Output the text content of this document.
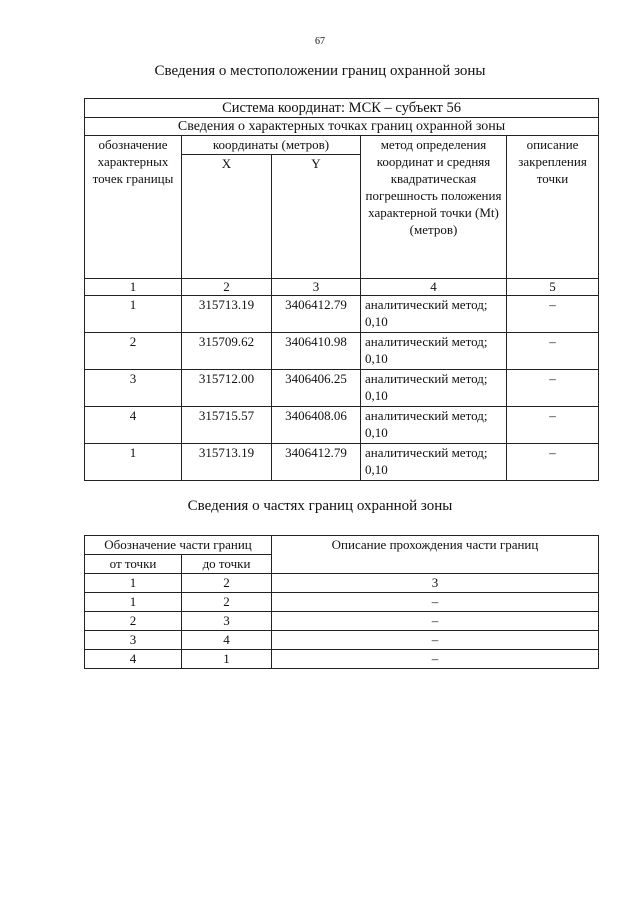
67
Сведения о местоположении границ охранной зоны
Система координат: МСК – субъект 56				
Сведения о характерных точках границ охранной зоны				
обозначение характерных точек границы	координаты (метров)		метод определения координат и средняя квадратическая погрешность положения характерной точки (Mt) (метров)	описание закрепления точки
	X	Y		
1	2	3	4	5
1	315713.19	3406412.79	аналитический метод; 0,10	–
2	315709.62	3406410.98	аналитический метод; 0,10	–
3	315712.00	3406406.25	аналитический метод; 0,10	–
4	315715.57	3406408.06	аналитический метод; 0,10	–
1	315713.19	3406412.79	аналитический метод; 0,10	–
Сведения о частях границ охранной зоны
Обозначение части границ		Описание прохождения части границ
от точки	до точки	
1	2	3
1	2	–
2	3	–
3	4	–
4	1	–
